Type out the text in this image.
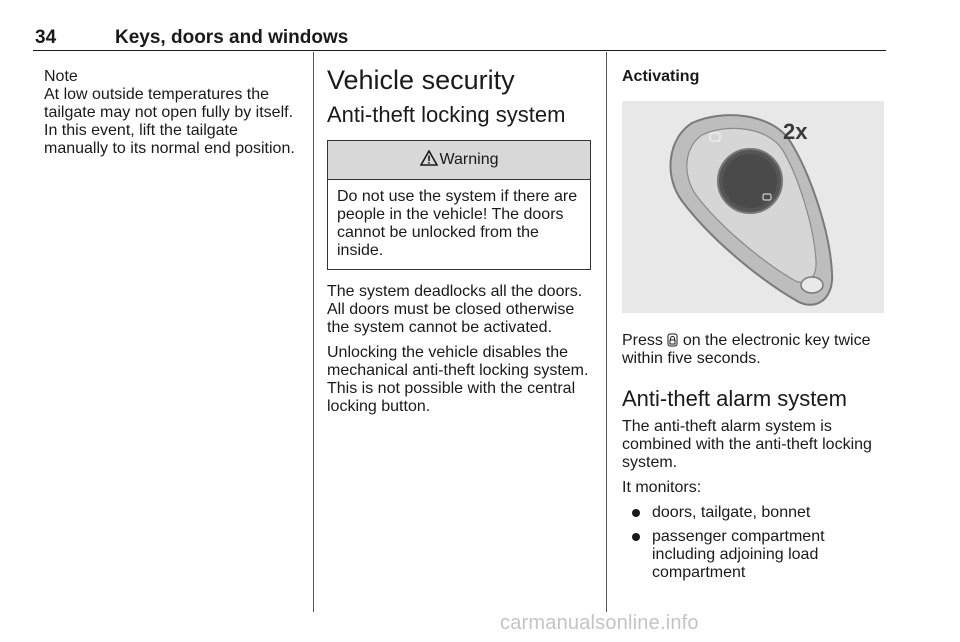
34	Keys, doors and windows
Note
At low outside temperatures the tailgate may not open fully by itself. In this event, lift the tailgate manually to its normal end position.
Vehicle security
Anti-theft locking system
Warning
Do not use the system if there are people in the vehicle! The doors cannot be unlocked from the inside.

The system deadlocks all the doors. All doors must be closed otherwise the system cannot be activated.

Unlocking the vehicle disables the mechanical anti-theft locking system. This is not possible with the central locking button.

Activating
2x

Press on the electronic key twice within five seconds.

Anti-theft alarm system

The anti-theft alarm system is combined with the anti-theft locking system.

It monitors:

doors, tailgate, bonnet
passenger compartment including adjoining load compartment
carmanualsonline.info
